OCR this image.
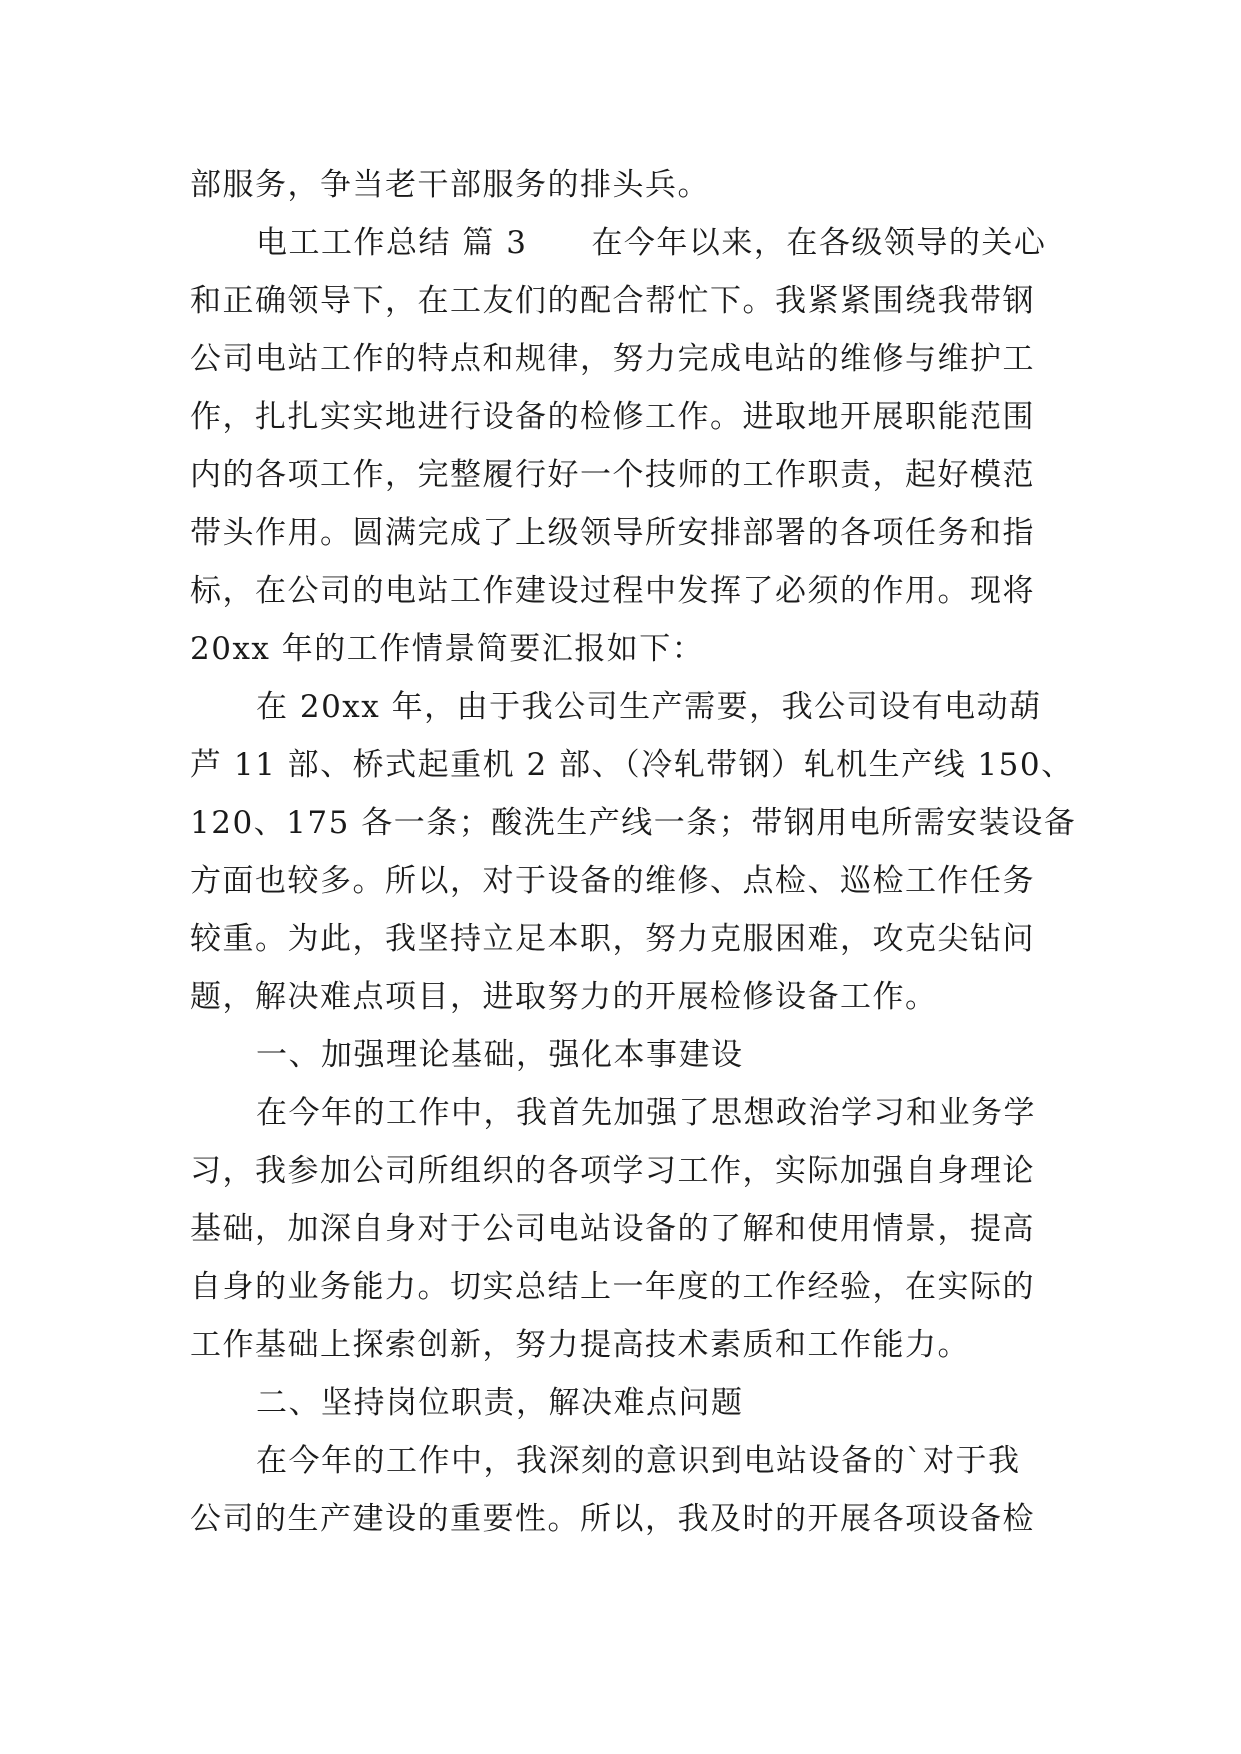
部服务，争当老干部服务的排头兵。
电工工作总结 篇 3 在今年以来，在各级领导的关心
和正确领导下，在工友们的配合帮忙下。我紧紧围绕我带钢
公司电站工作的特点和规律，努力完成电站的维修与维护工
作，扎扎实实地进行设备的检修工作。进取地开展职能范围
内的各项工作，完整履行好一个技师的工作职责，起好模范
带头作用。圆满完成了上级领导所安排部署的各项任务和指
标，在公司的电站工作建设过程中发挥了必须的作用。现将
20xx 年的工作情景简要汇报如下：
在 20xx 年，由于我公司生产需要，我公司设有电动葫
芦 11 部、桥式起重机 2 部、（冷轧带钢）轧机生产线 150、
120、175 各一条；酸洗生产线一条；带钢用电所需安装设备
方面也较多。所以，对于设备的维修、点检、巡检工作任务
较重。为此，我坚持立足本职，努力克服困难，攻克尖钻问
题，解决难点项目，进取努力的开展检修设备工作。
一、加强理论基础，强化本事建设
在今年的工作中，我首先加强了思想政治学习和业务学
习，我参加公司所组织的各项学习工作，实际加强自身理论
基础，加深自身对于公司电站设备的了解和使用情景，提高
自身的业务能力。切实总结上一年度的工作经验，在实际的
工作基础上探索创新，努力提高技术素质和工作能力。
二、坚持岗位职责，解决难点问题
在今年的工作中，我深刻的意识到电站设备的`对于我
公司的生产建设的重要性。所以，我及时的开展各项设备检
